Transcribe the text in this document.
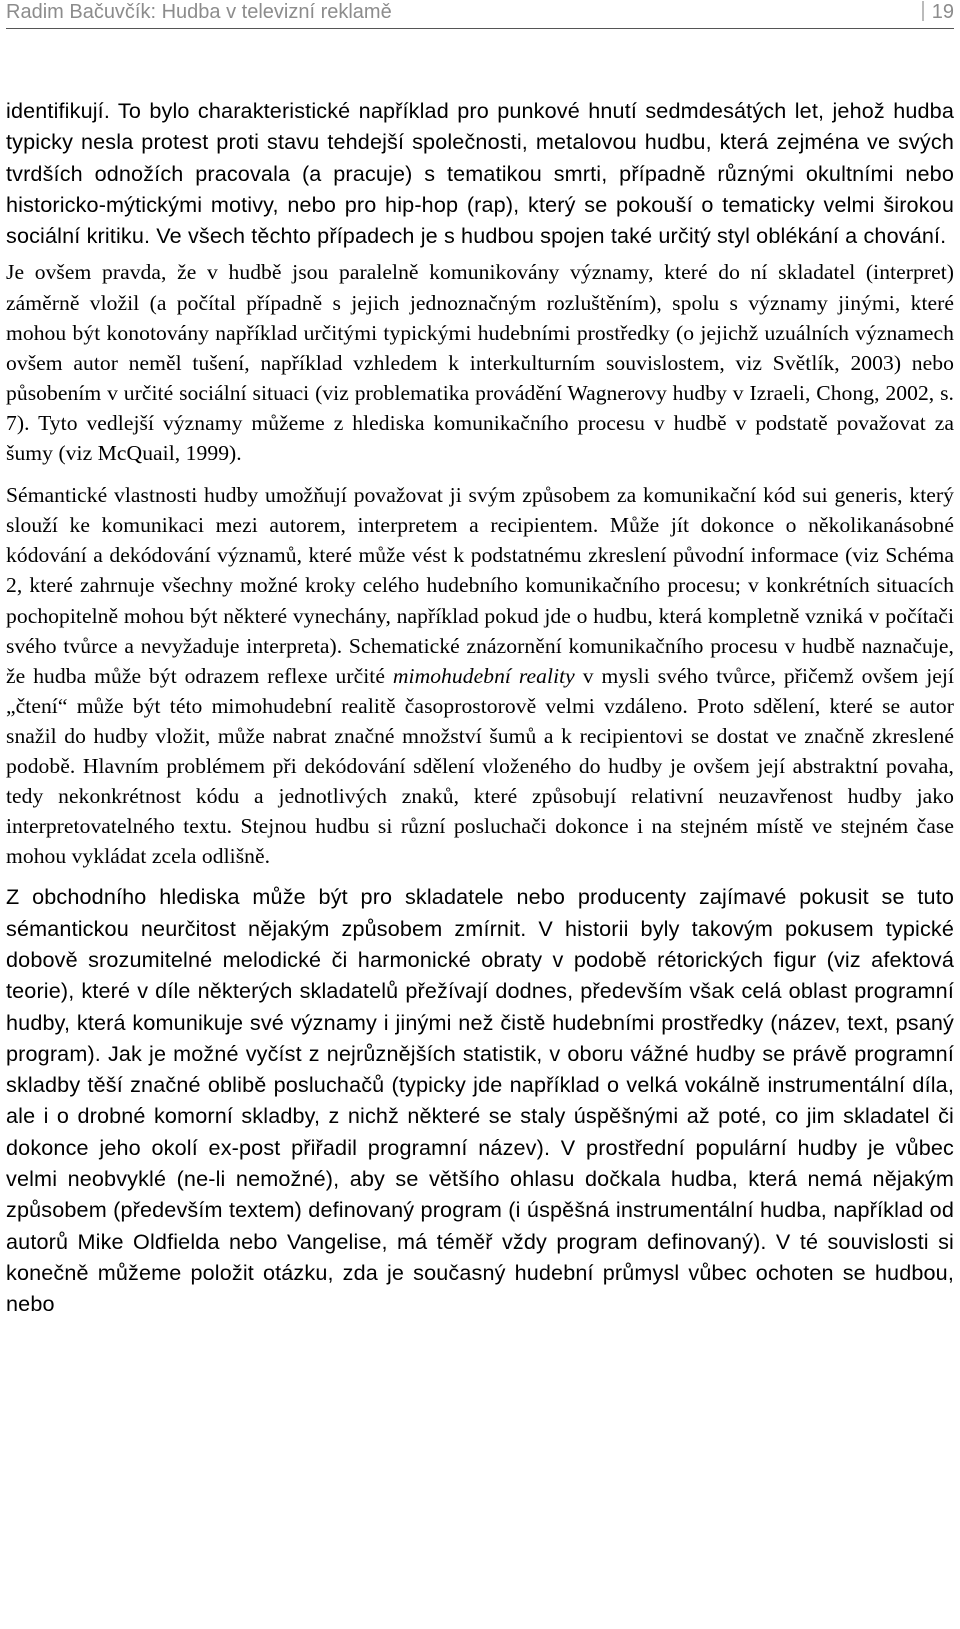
Radim Bačuvčík: Hudba v televizní reklamě	19

identifikují. To bylo charakteristické například pro punkové hnutí sedmdesátých let, jehož hudba typicky nesla protest proti stavu tehdejší společnosti, metalovou hudbu, která zejména ve svých tvrdších odnožích pracovala (a pracuje) s tematikou smrti, případně různými okultními nebo historicko-mýtickými motivy, nebo pro hip-hop (rap), který se pokouší o tematicky velmi širokou sociální kritiku. Ve všech těchto případech je s hudbou spojen také určitý styl oblékání a chování.

Je ovšem pravda, že v hudbě jsou paralelně komunikovány významy, které do ní skladatel (interpret) záměrně vložil (a počítal případně s jejich jednoznačným rozluštěním), spolu s významy jinými, které mohou být konotovány například určitými typickými hudebními prostředky (o jejichž uzuálních významech ovšem autor neměl tušení, například vzhledem k interkulturním souvislostem, viz Světlík, 2003) nebo působením v určité sociální situaci (viz problematika provádění Wagnerovy hudby v Izraeli, Chong, 2002, s. 7). Tyto vedlejší významy můžeme z hlediska komunikačního procesu v hudbě v podstatě považovat za šumy (viz McQuail, 1999).

Sémantické vlastnosti hudby umožňují považovat ji svým způsobem za komunikační kód sui generis, který slouží ke komunikaci mezi autorem, interpretem a recipientem. Může jít dokonce o několikanásobné kódování a dekódování významů, které může vést k podstatnému zkreslení původní informace (viz Schéma 2, které zahrnuje všechny možné kroky celého hudebního komunikačního procesu; v konkrétních situacích pochopitelně mohou být některé vynechány, například pokud jde o hudbu, která kompletně vzniká v počítači svého tvůrce a nevyžaduje interpreta). Schematické znázornění komunikačního procesu v hudbě naznačuje, že hudba může být odrazem reflexe určité mimohudební reality v mysli svého tvůrce, přičemž ovšem její „čtení“ může být této mimohudební realitě časoprostorově velmi vzdáleno. Proto sdělení, které se autor snažil do hudby vložit, může nabrat značné množství šumů a k recipientovi se dostat ve značně zkreslené podobě. Hlavním problémem při dekódování sdělení vloženého do hudby je ovšem její abstraktní povaha, tedy nekonkrétnost kódu a jednotlivých znaků, které způsobují relativní neuzavřenost hudby jako interpretovatelného textu. Stejnou hudbu si různí posluchači dokonce i na stejném místě ve stejném čase mohou vykládat zcela odlišně.

Z obchodního hlediska může být pro skladatele nebo producenty zajímavé pokusit se tuto sémantickou neurčitost nějakým způsobem zmírnit. V historii byly takovým pokusem typické dobově srozumitelné melodické či harmonické obraty v podobě rétorických figur (viz afektová teorie), které v díle některých skladatelů přežívají dodnes, především však celá oblast programní hudby, která komunikuje své významy i jinými než čistě hudebními prostředky (název, text, psaný program). Jak je možné vyčíst z nejrůznějších statistik, v oboru vážné hudby se právě programní skladby těší značné oblibě posluchačů (typicky jde například o velká vokálně instrumentální díla, ale i o drobné komorní skladby, z nichž některé se staly úspěšnými až poté, co jim skladatel či dokonce jeho okolí ex-post přiřadil programní název). V prostřední populární hudby je vůbec velmi neobvyklé (ne-li nemožné), aby se většího ohlasu dočkala hudba, která nemá nějakým způsobem (především textem) definovaný program (i úspěšná instrumentální hudba, například od autorů Mike Oldfielda nebo Vangelise, má téměř vždy program definovaný). V té souvislosti si konečně můžeme položit otázku, zda je současný hudební průmysl vůbec ochoten se hudbou, nebo
